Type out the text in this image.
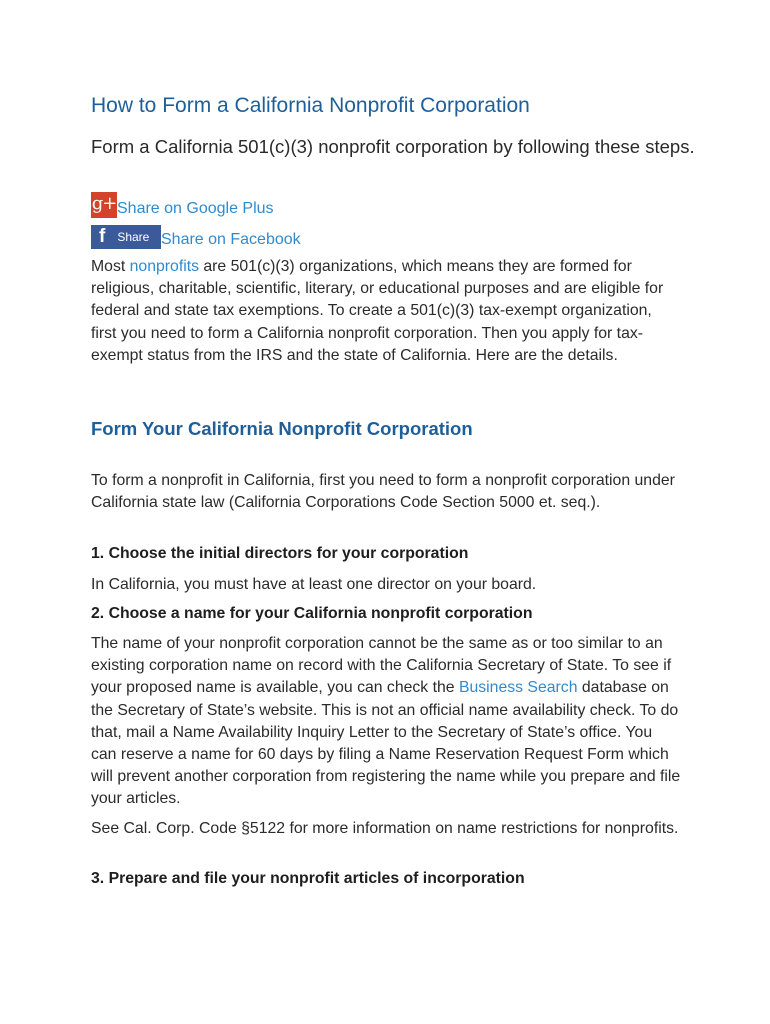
How to Form a California Nonprofit Corporation
Form a California 501(c)(3) nonprofit corporation by following these steps.
g+ Share on Google Plus
f Share Share on Facebook

Most nonprofits are 501(c)(3) organizations, which means they are formed for religious, charitable, scientific, literary, or educational purposes and are eligible for federal and state tax exemptions. To create a 501(c)(3) tax-exempt organization, first you need to form a California nonprofit corporation. Then you apply for tax-exempt status from the IRS and the state of California. Here are the details.

Form Your California Nonprofit Corporation

To form a nonprofit in California, first you need to form a nonprofit corporation under California state law (California Corporations Code Section 5000 et. seq.).

1. Choose the initial directors for your corporation

In California, you must have at least one director on your board.

2. Choose a name for your California nonprofit corporation

The name of your nonprofit corporation cannot be the same as or too similar to an existing corporation name on record with the California Secretary of State. To see if your proposed name is available, you can check the Business Search database on the Secretary of State’s website. This is not an official name availability check. To do that, mail a Name Availability Inquiry Letter to the Secretary of State’s office. You can reserve a name for 60 days by filing a Name Reservation Request Form which will prevent another corporation from registering the name while you prepare and file your articles.

See Cal. Corp. Code §5122 for more information on name restrictions for nonprofits.

3. Prepare and file your nonprofit articles of incorporation
